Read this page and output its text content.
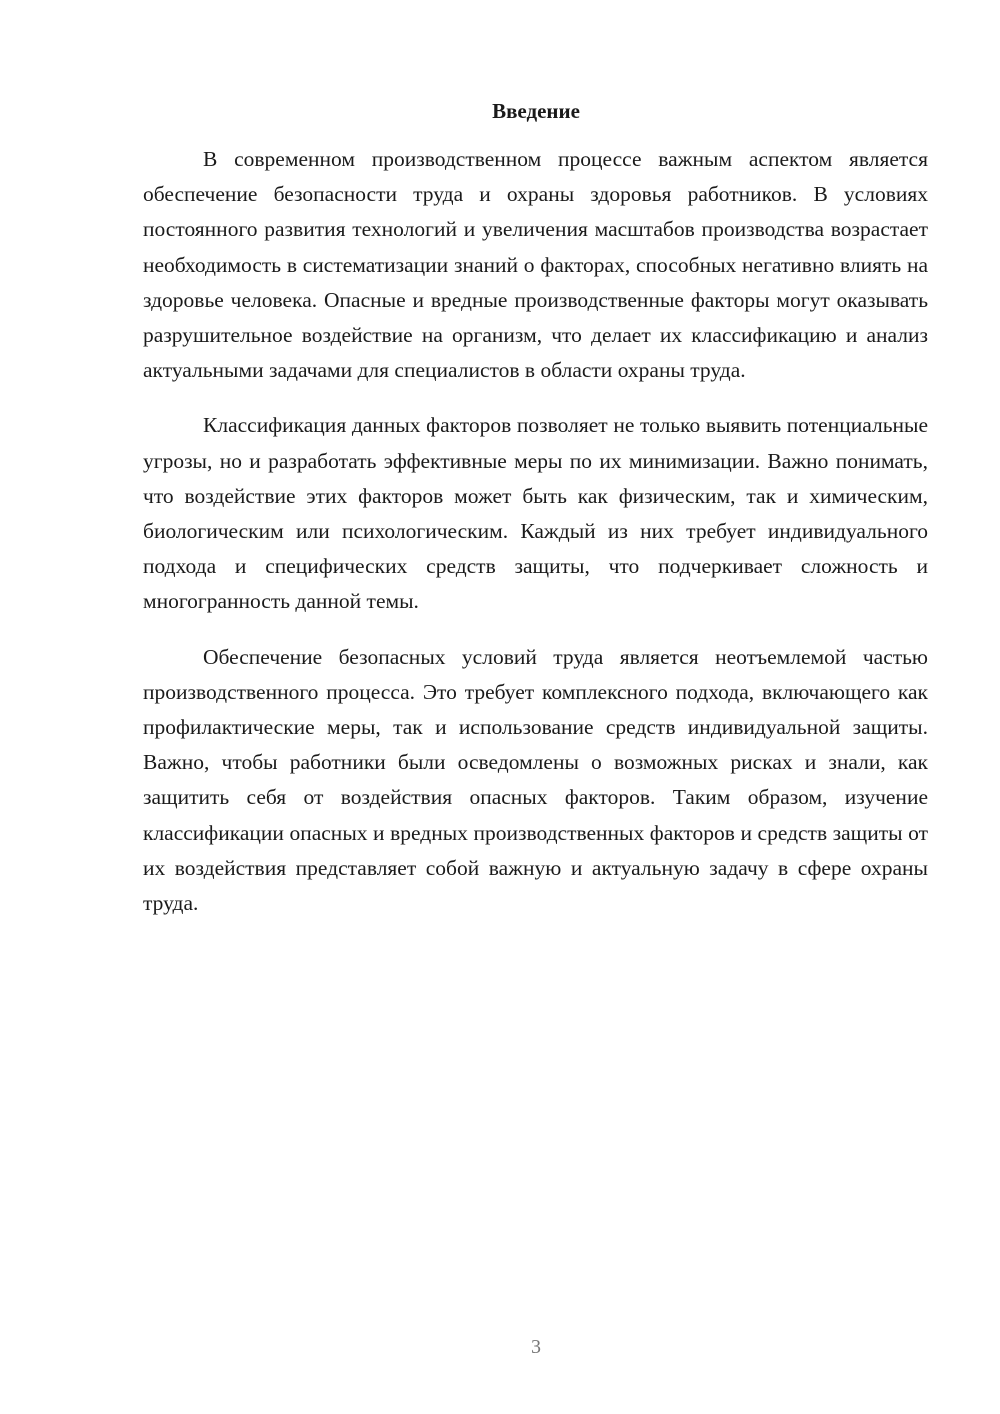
Введение

В современном производственном процессе важным аспектом является обеспечение безопасности труда и охраны здоровья работников. В условиях постоянного развития технологий и увеличения масштабов производства возрастает необходимость в систематизации знаний о факторах, способных негативно влиять на здоровье человека. Опасные и вредные производственные факторы могут оказывать разрушительное воздействие на организм, что делает их классификацию и анализ актуальными задачами для специалистов в области охраны труда.

Классификация данных факторов позволяет не только выявить потенциальные угрозы, но и разработать эффективные меры по их минимизации. Важно понимать, что воздействие этих факторов может быть как физическим, так и химическим, биологическим или психологическим. Каждый из них требует индивидуального подхода и специфических средств защиты, что подчеркивает сложность и многогранность данной темы.

Обеспечение безопасных условий труда является неотъемлемой частью производственного процесса. Это требует комплексного подхода, включающего как профилактические меры, так и использование средств индивидуальной защиты. Важно, чтобы работники были осведомлены о возможных рисках и знали, как защитить себя от воздействия опасных факторов. Таким образом, изучение классификации опасных и вредных производственных факторов и средств защиты от их воздействия представляет собой важную и актуальную задачу в сфере охраны труда.

3
